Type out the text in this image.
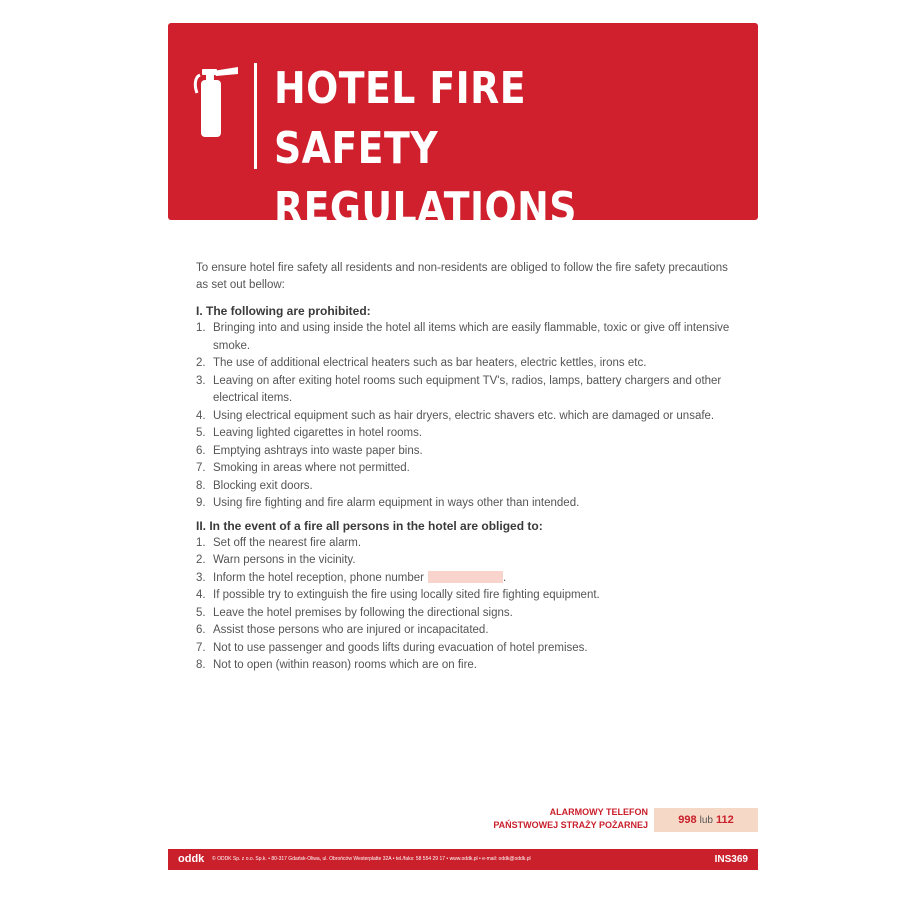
HOTEL FIRE SAFETY
REGULATIONS

To ensure hotel fire safety all residents and non-residents are obliged to follow the fire safety precautions as set out bellow:

I. The following are prohibited:

1. Bringing into and using inside the hotel all items which are easily flammable, toxic or give off intensive smoke.
2. The use of additional electrical heaters such as bar heaters, electric kettles, irons etc.
3. Leaving on after exiting hotel rooms such equipment TV's, radios, lamps, battery chargers and other electrical items.
4. Using electrical equipment such as hair dryers, electric shavers etc. which are damaged or unsafe.
5. Leaving lighted cigarettes in hotel rooms.
6. Emptying ashtrays into waste paper bins.
7. Smoking in areas where not permitted.
8. Blocking exit doors.
9. Using fire fighting and fire alarm equipment in ways other than intended.

II. In the event of a fire all persons in the hotel are obliged to:

1. Set off the nearest fire alarm.
2. Warn persons in the vicinity.
3. Inform the hotel reception, phone number	.
4. If possible try to extinguish the fire using locally sited fire fighting equipment.
5. Leave the hotel premises by following the directional signs.
6. Assist those persons who are injured or incapacitated.
7. Not to use passenger and goods lifts during evacuation of hotel premises.
8. Not to open (within reason) rooms which are on fire.
ALARMOWY TELEFON
PAŃSTWOWEJ STRAŻY POŻARNEJ	998 lub 112
oddk © ODDK Sp. z o.o. Sp.k. • 80-317 Gdańsk-Oliwa, ul. Obrońców Westerplatte 32A • tel./faks: 58 554 29 17 • www.oddk.pl • e-mail: oddk@oddk.pl	INS369
